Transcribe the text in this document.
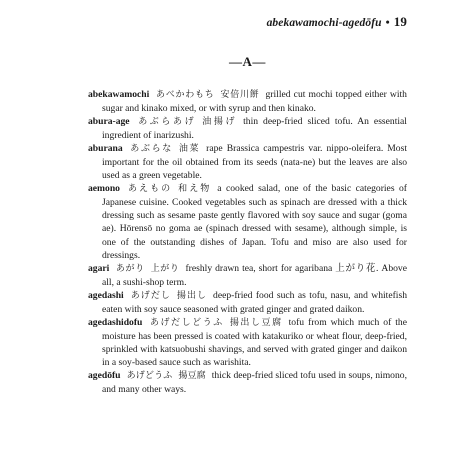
abekawamochi-agedōfu • 19
—A—

abekawamochi あべかわもち 安倍川餅 grilled cut mochi topped either with sugar and kinako mixed, or with syrup and then kinako.

abura-age あぶらあげ 油揚げ thin deep-fried sliced tofu. An essential ingredient of inarizushi.

aburana あぶらな 油菜 rape Brassica campestris var. nippo-oleifera. Most important for the oil obtained from its seeds (nata-ne) but the leaves are also used as a green vegetable.

aemono あえもの 和え物 a cooked salad, one of the basic categories of Japanese cuisine. Cooked vegetables such as spinach are dressed with a thick dressing such as sesame paste gently flavored with soy sauce and sugar (goma ae). Hōrensō no goma ae (spinach dressed with sesame), although simple, is one of the outstanding dishes of Japan. Tofu and miso are also used for dressings.

agari あがり 上がり freshly drawn tea, short for agaribana 上がり花. Above all, a sushi-shop term.

agedashi あげだし 揚出し deep-fried food such as tofu, nasu, and whitefish eaten with soy sauce seasoned with grated ginger and grated daikon.

agedashidofu あげだしどうふ 揚出し豆腐 tofu from which much of the moisture has been pressed is coated with katakuriko or wheat flour, deep-fried, sprinkled with katsuobushi shavings, and served with grated ginger and daikon in a soy-based sauce such as warishita.

agedōfu あげどうふ 揚豆腐 thick deep-fried sliced tofu used in soups, nimono, and many other ways.
